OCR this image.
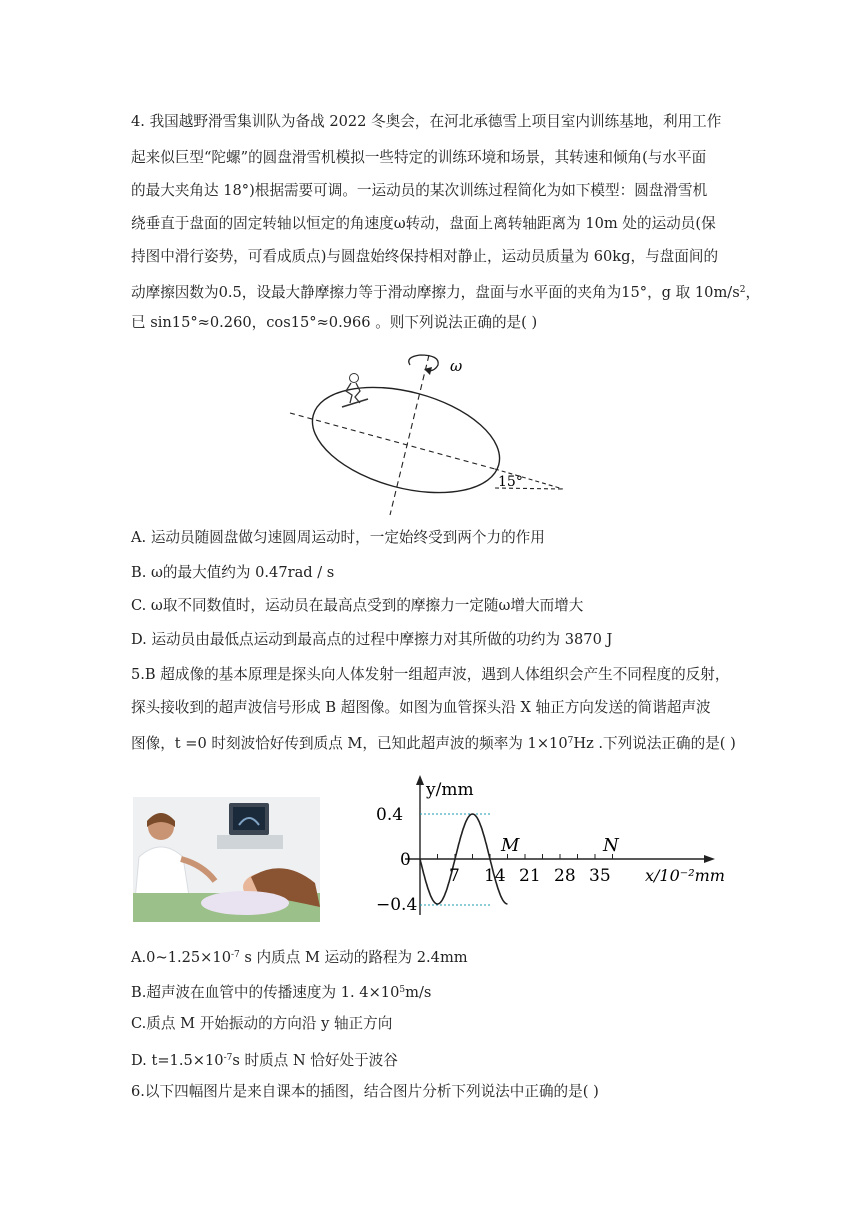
4. 我国越野滑雪集训队为备战 2022 冬奥会，在河北承德雪上项目室内训练基地，利用工作
起来似巨型“陀螺”的圆盘滑雪机模拟一些特定的训练环境和场景，其转速和倾角(与水平面
的最大夹角达 18°)根据需要可调。一运动员的某次训练过程简化为如下模型：圆盘滑雪机
绕垂直于盘面的固定转轴以恒定的角速度ω转动，盘面上离转轴距离为 10m 处的运动员(保
持图中滑行姿势，可看成质点)与圆盘始终保持相对静止，运动员质量为 60kg，与盘面间的
动摩擦因数为0.5，设最大静摩擦力等于滑动摩擦力，盘面与水平面的夹角为15°，g 取 $10m/s^2$，
已 sin15°≈0.260，cos15°≈0.966 。则下列说法正确的是( )
ω
15°
A. 运动员随圆盘做匀速圆周运动时，一定始终受到两个力的作用
B. ω的最大值约为 0.47rad / s
C. ω取不同数值时，运动员在最高点受到的摩擦力一定随ω增大而增大
D. 运动员由最低点运动到最高点的过程中摩擦力对其所做的功约为 3870 J
5.B 超成像的基本原理是探头向人体发射一组超声波，遇到人体组织会产生不同程度的反射，
探头接收到的超声波信号形成 B 超图像。如图为血管探头沿 X 轴正方向发送的简谐超声波
图像，t =0 时刻波恰好传到质点 M，已知此超声波的频率为 $1\times 10^7Hz$ .下列说法正确的是( )
7 14 21 28 35
0.4
0
−0.4
y/mm
x/10⁻²mm
M	N
$A.0\sim 1.25\times 10^{-7}$ s 内质点 M 运动的路程为 2.4mm
B.超声波在血管中的传播速度为 1. $4\times 10^5m/s$
C.质点 M 开始振动的方向沿 y 轴正方向
D. $t=1.5\times 10^{-7}s$ 时质点 N 恰好处于波谷
6.以下四幅图片是来自课本的插图，结合图片分析下列说法中正确的是( )
